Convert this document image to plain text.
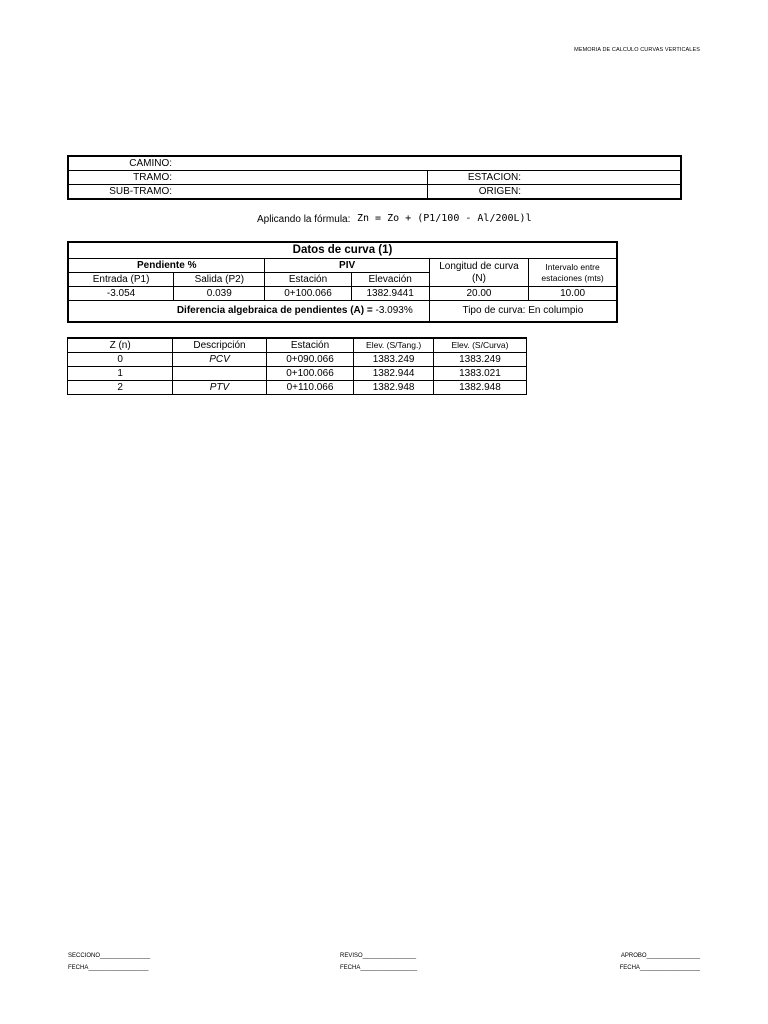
MEMORIA DE CALCULO CURVAS VERTICALES
CAMINO:			
TRAMO:		ESTACION:	
SUB-TRAMO:		ORIGEN:	
Aplicando la fórmula: Zn = Zo + (P1/100 - Al/200L)l
Datos de curva (1)					
Pendiente %		PIV		Longitud de curva (N)	Intervalo entre estaciones (mts)
Entrada (P1)	Salida (P2)	Estación	Elevación		
-3.054	0.039	0+100.066	1382.9441	20.00	10.00
Diferencia algebraica de pendientes (A) = -3.093%				Tipo de curva: En columpio	
Z (n)	Descripción	Estación	Elev. (S/Tang.)	Elev. (S/Curva)
0	PCV	0+090.066	1383.249	1383.249
1		0+100.066	1382.944	1383.021
2	PTV	0+110.066	1382.948	1382.948
SECCIONO_______________
FECHA__________________
REVISO________________
FECHA_________________
APROBO________________
FECHA__________________
